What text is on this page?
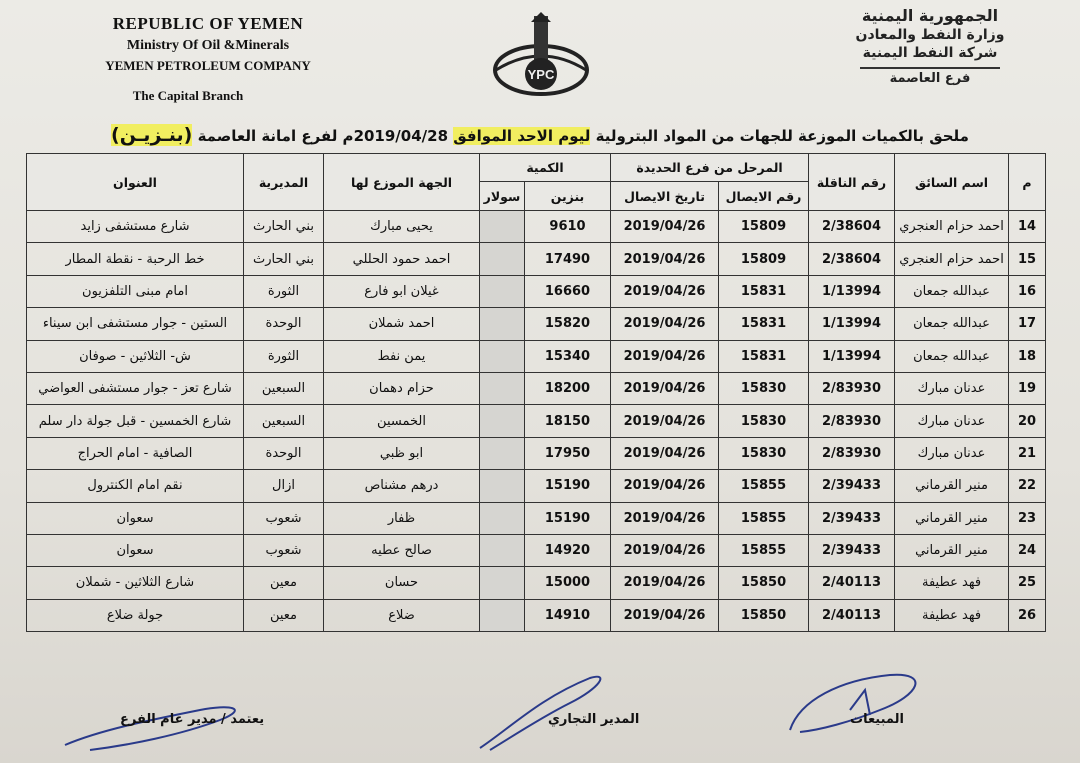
REPUBLIC OF YEMEN
Ministry Of Oil &Minerals
YEMEN PETROLEUM COMPANY
The Capital Branch
YPC
الجمهورية اليمنية
وزارة النفط والمعادن
شركة النفط اليمنية
فرع العاصمة
ملحق بالكميات الموزعة للجهات من المواد البترولية ليوم الاحد الموافق 2019/04/28م لفرع امانة العاصمة (بنـزيـن)
م	اسم السائق	رقم الناقلة	المرحل من فرع الحديدة		الكمية		الجهة الموزع لها	المديرية	العنوان
			رقم الايصال	تاريخ الايصال	بنزين	سولار			
14	احمد حزام العنجري	2/38604	15809	2019/04/26	9610		يحيى مبارك	بني الحارث	شارع مستشفى زايد
15	احمد حزام العنجري	2/38604	15809	2019/04/26	17490		احمد حمود الحللي	بني الحارث	خط الرحبة - نقطة المطار
16	عبدالله جمعان	1/13994	15831	2019/04/26	16660		غيلان ابو فارع	الثورة	امام مبنى التلفزيون
17	عبدالله جمعان	1/13994	15831	2019/04/26	15820		احمد شملان	الوحدة	الستين - جوار مستشفى ابن سيناء
18	عبدالله جمعان	1/13994	15831	2019/04/26	15340		يمن نفط	الثورة	ش- الثلاثين - صوفان
19	عدنان مبارك	2/83930	15830	2019/04/26	18200		حزام دهمان	السبعين	شارع تعز - جوار مستشفى العواضي
20	عدنان مبارك	2/83930	15830	2019/04/26	18150		الخمسين	السبعين	شارع الخمسين - قبل جولة دار سلم
21	عدنان مبارك	2/83930	15830	2019/04/26	17950		ابو ظبي	الوحدة	الصافية - امام الحراج
22	منير القرماني	2/39433	15855	2019/04/26	15190		درهم مشناص	ازال	نقم امام الكنترول
23	منير القرماني	2/39433	15855	2019/04/26	15190		ظفار	شعوب	سعوان
24	منير القرماني	2/39433	15855	2019/04/26	14920		صالح عطيه	شعوب	سعوان
25	فهد عطيفة	2/40113	15850	2019/04/26	15000		حسان	معين	شارع الثلاثين - شملان
26	فهد عطيفة	2/40113	15850	2019/04/26	14910		ضلاع	معين	جولة ضلاع
يعتمد / مدير عام الفرع	المدير التجاري	المبيعات
